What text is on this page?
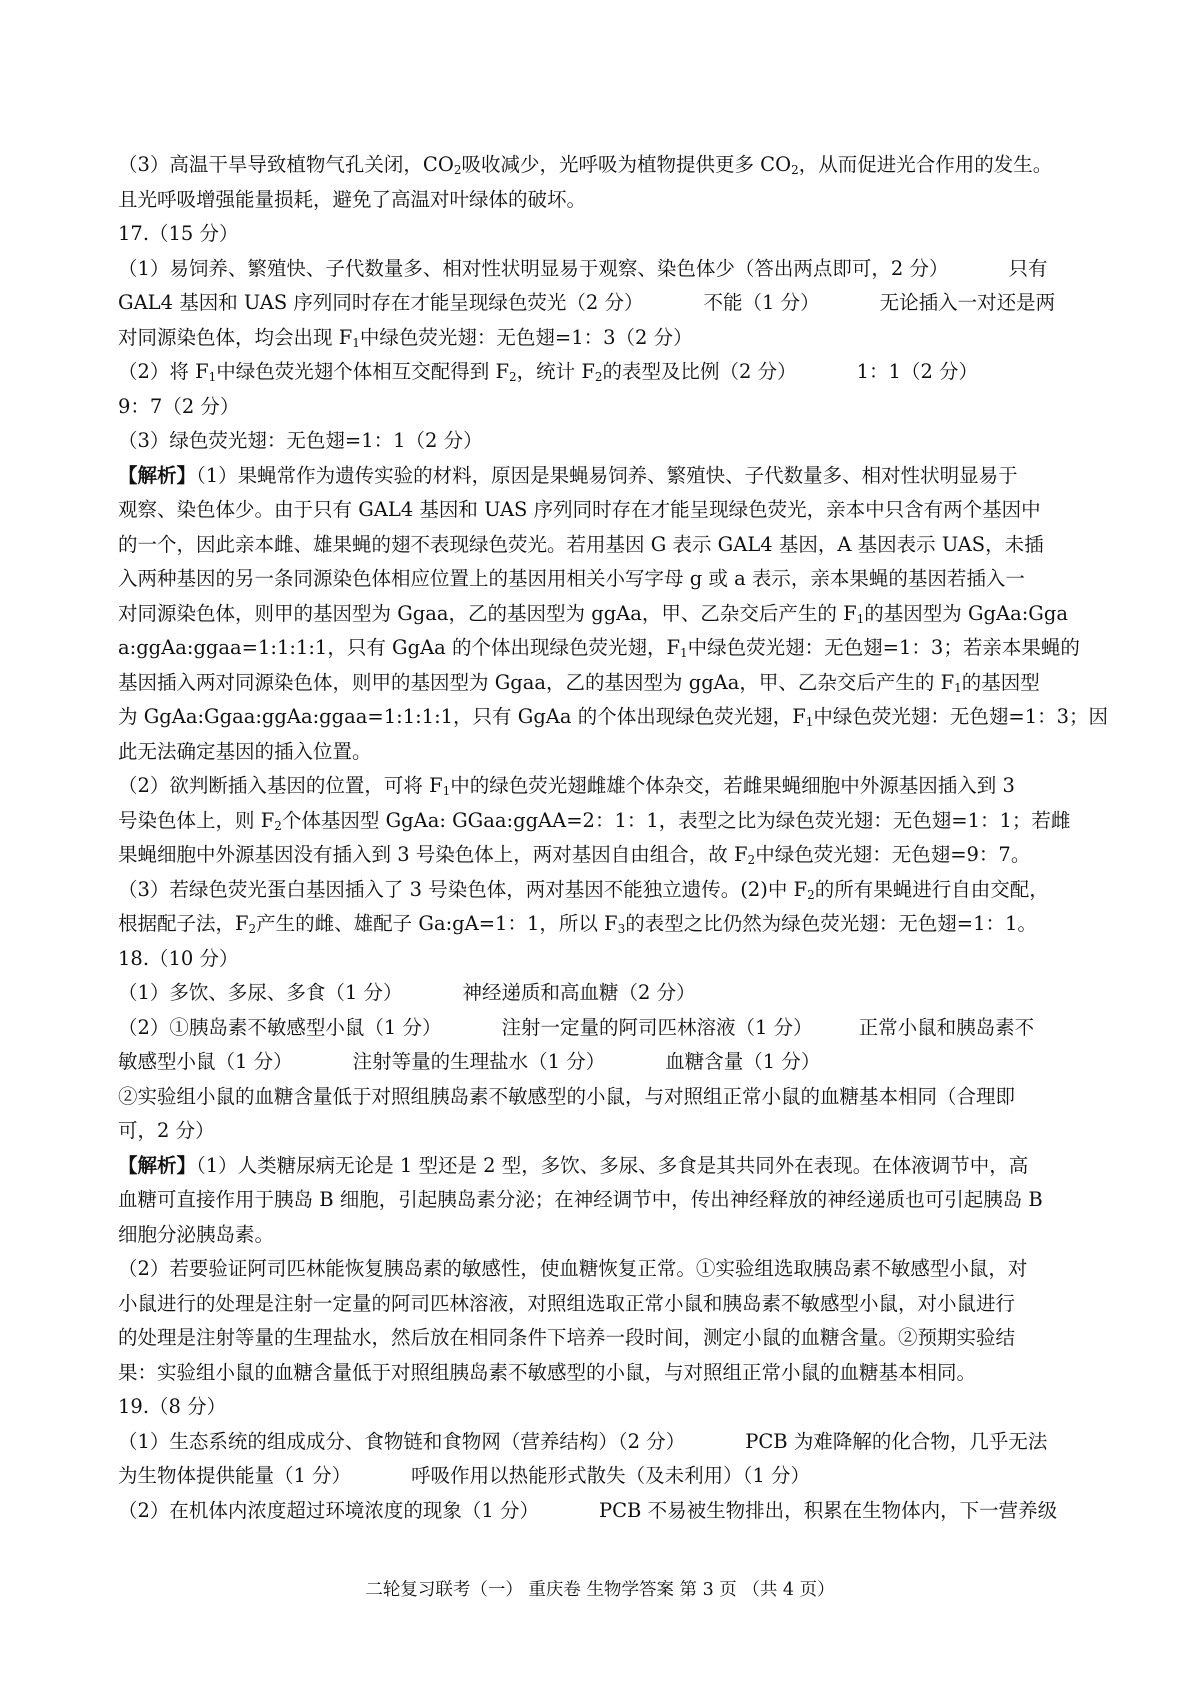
（3）高温干旱导致植物气孔关闭，$CO_2$吸收减少，光呼吸为植物提供更多 $CO_2$，从而促进光合作用的发生。
且光呼吸增强能量损耗，避免了高温对叶绿体的破坏。
17.（15 分）
（1）易饲养、繁殖快、子代数量多、相对性状明显易于观察、染色体少（答出两点即可，2 分）	只有
GAL4 基因和 UAS 序列同时存在才能呈现绿色荧光（2 分）	不能（1 分）	无论插入一对还是两
对同源染色体，均会出现 $F_1$中绿色荧光翅：无色翅=1：3（2 分）
（2）将 $F_1$中绿色荧光翅个体相互交配得到 $F_2$，统计 $F_2$的表型及比例（2 分）	1：1（2 分）
9：7（2 分）
（3）绿色荧光翅：无色翅=1：1（2 分）
【解析】（1）果蝇常作为遗传实验的材料，原因是果蝇易饲养、繁殖快、子代数量多、相对性状明显易于
观察、染色体少。由于只有 GAL4 基因和 UAS 序列同时存在才能呈现绿色荧光，亲本中只含有两个基因中
的一个，因此亲本雌、雄果蝇的翅不表现绿色荧光。若用基因 G 表示 GAL4 基因，A 基因表示 UAS，未插
入两种基因的另一条同源染色体相应位置上的基因用相关小写字母 g 或 a 表示，亲本果蝇的基因若插入一
对同源染色体，则甲的基因型为 Ggaa，乙的基因型为 ggAa，甲、乙杂交后产生的 $F_1$的基因型为 GgAa:Gga
a:ggAa:ggaa=1:1:1:1，只有 GgAa 的个体出现绿色荧光翅，$F_1$中绿色荧光翅：无色翅=1：3；若亲本果蝇的
基因插入两对同源染色体，则甲的基因型为 Ggaa，乙的基因型为 ggAa，甲、乙杂交后产生的 $F_1$的基因型
为 GgAa:Ggaa:ggAa:ggaa=1:1:1:1，只有 GgAa 的个体出现绿色荧光翅，$F_1$中绿色荧光翅：无色翅=1：3；因
此无法确定基因的插入位置。
（2）欲判断插入基因的位置，可将 $F_1$中的绿色荧光翅雌雄个体杂交，若雌果蝇细胞中外源基因插入到 3
号染色体上，则 $F_2$个体基因型 GgAa: GGaa:ggAA=2：1：1，表型之比为绿色荧光翅：无色翅=1：1；若雌
果蝇细胞中外源基因没有插入到 3 号染色体上，两对基因自由组合，故 $F_2$中绿色荧光翅：无色翅=9：7。
（3）若绿色荧光蛋白基因插入了 3 号染色体，两对基因不能独立遗传。(2)中 $F_2$的所有果蝇进行自由交配，
根据配子法，$F_2$产生的雌、雄配子 Ga:gA=1：1，所以 $F_3$的表型之比仍然为绿色荧光翅：无色翅=1：1。
18.（10 分）
（1）多饮、多尿、多食（1 分）	神经递质和高血糖（2 分）
（2）①胰岛素不敏感型小鼠（1 分）	注射一定量的阿司匹林溶液（1 分） 正常小鼠和胰岛素不
敏感型小鼠（1 分）	注射等量的生理盐水（1 分）	血糖含量（1 分）
②实验组小鼠的血糖含量低于对照组胰岛素不敏感型的小鼠，与对照组正常小鼠的血糖基本相同（合理即
可，2 分）
【解析】（1）人类糖尿病无论是 1 型还是 2 型，多饮、多尿、多食是其共同外在表现。在体液调节中，高
血糖可直接作用于胰岛 B 细胞，引起胰岛素分泌；在神经调节中，传出神经释放的神经递质也可引起胰岛 B
细胞分泌胰岛素。
（2）若要验证阿司匹林能恢复胰岛素的敏感性，使血糖恢复正常。①实验组选取胰岛素不敏感型小鼠，对
小鼠进行的处理是注射一定量的阿司匹林溶液，对照组选取正常小鼠和胰岛素不敏感型小鼠，对小鼠进行
的处理是注射等量的生理盐水，然后放在相同条件下培养一段时间，测定小鼠的血糖含量。②预期实验结
果：实验组小鼠的血糖含量低于对照组胰岛素不敏感型的小鼠，与对照组正常小鼠的血糖基本相同。
19.（8 分）
（1）生态系统的组成成分、食物链和食物网（营养结构）（2 分）	PCB 为难降解的化合物，几乎无法
为生物体提供能量（1 分）	呼吸作用以热能形式散失（及未利用）（1 分）
（2）在机体内浓度超过环境浓度的现象（1 分）	PCB 不易被生物排出，积累在生物体内，下一营养级
二轮复习联考（一） 重庆卷 生物学答案 第 3 页 （共 4 页）
